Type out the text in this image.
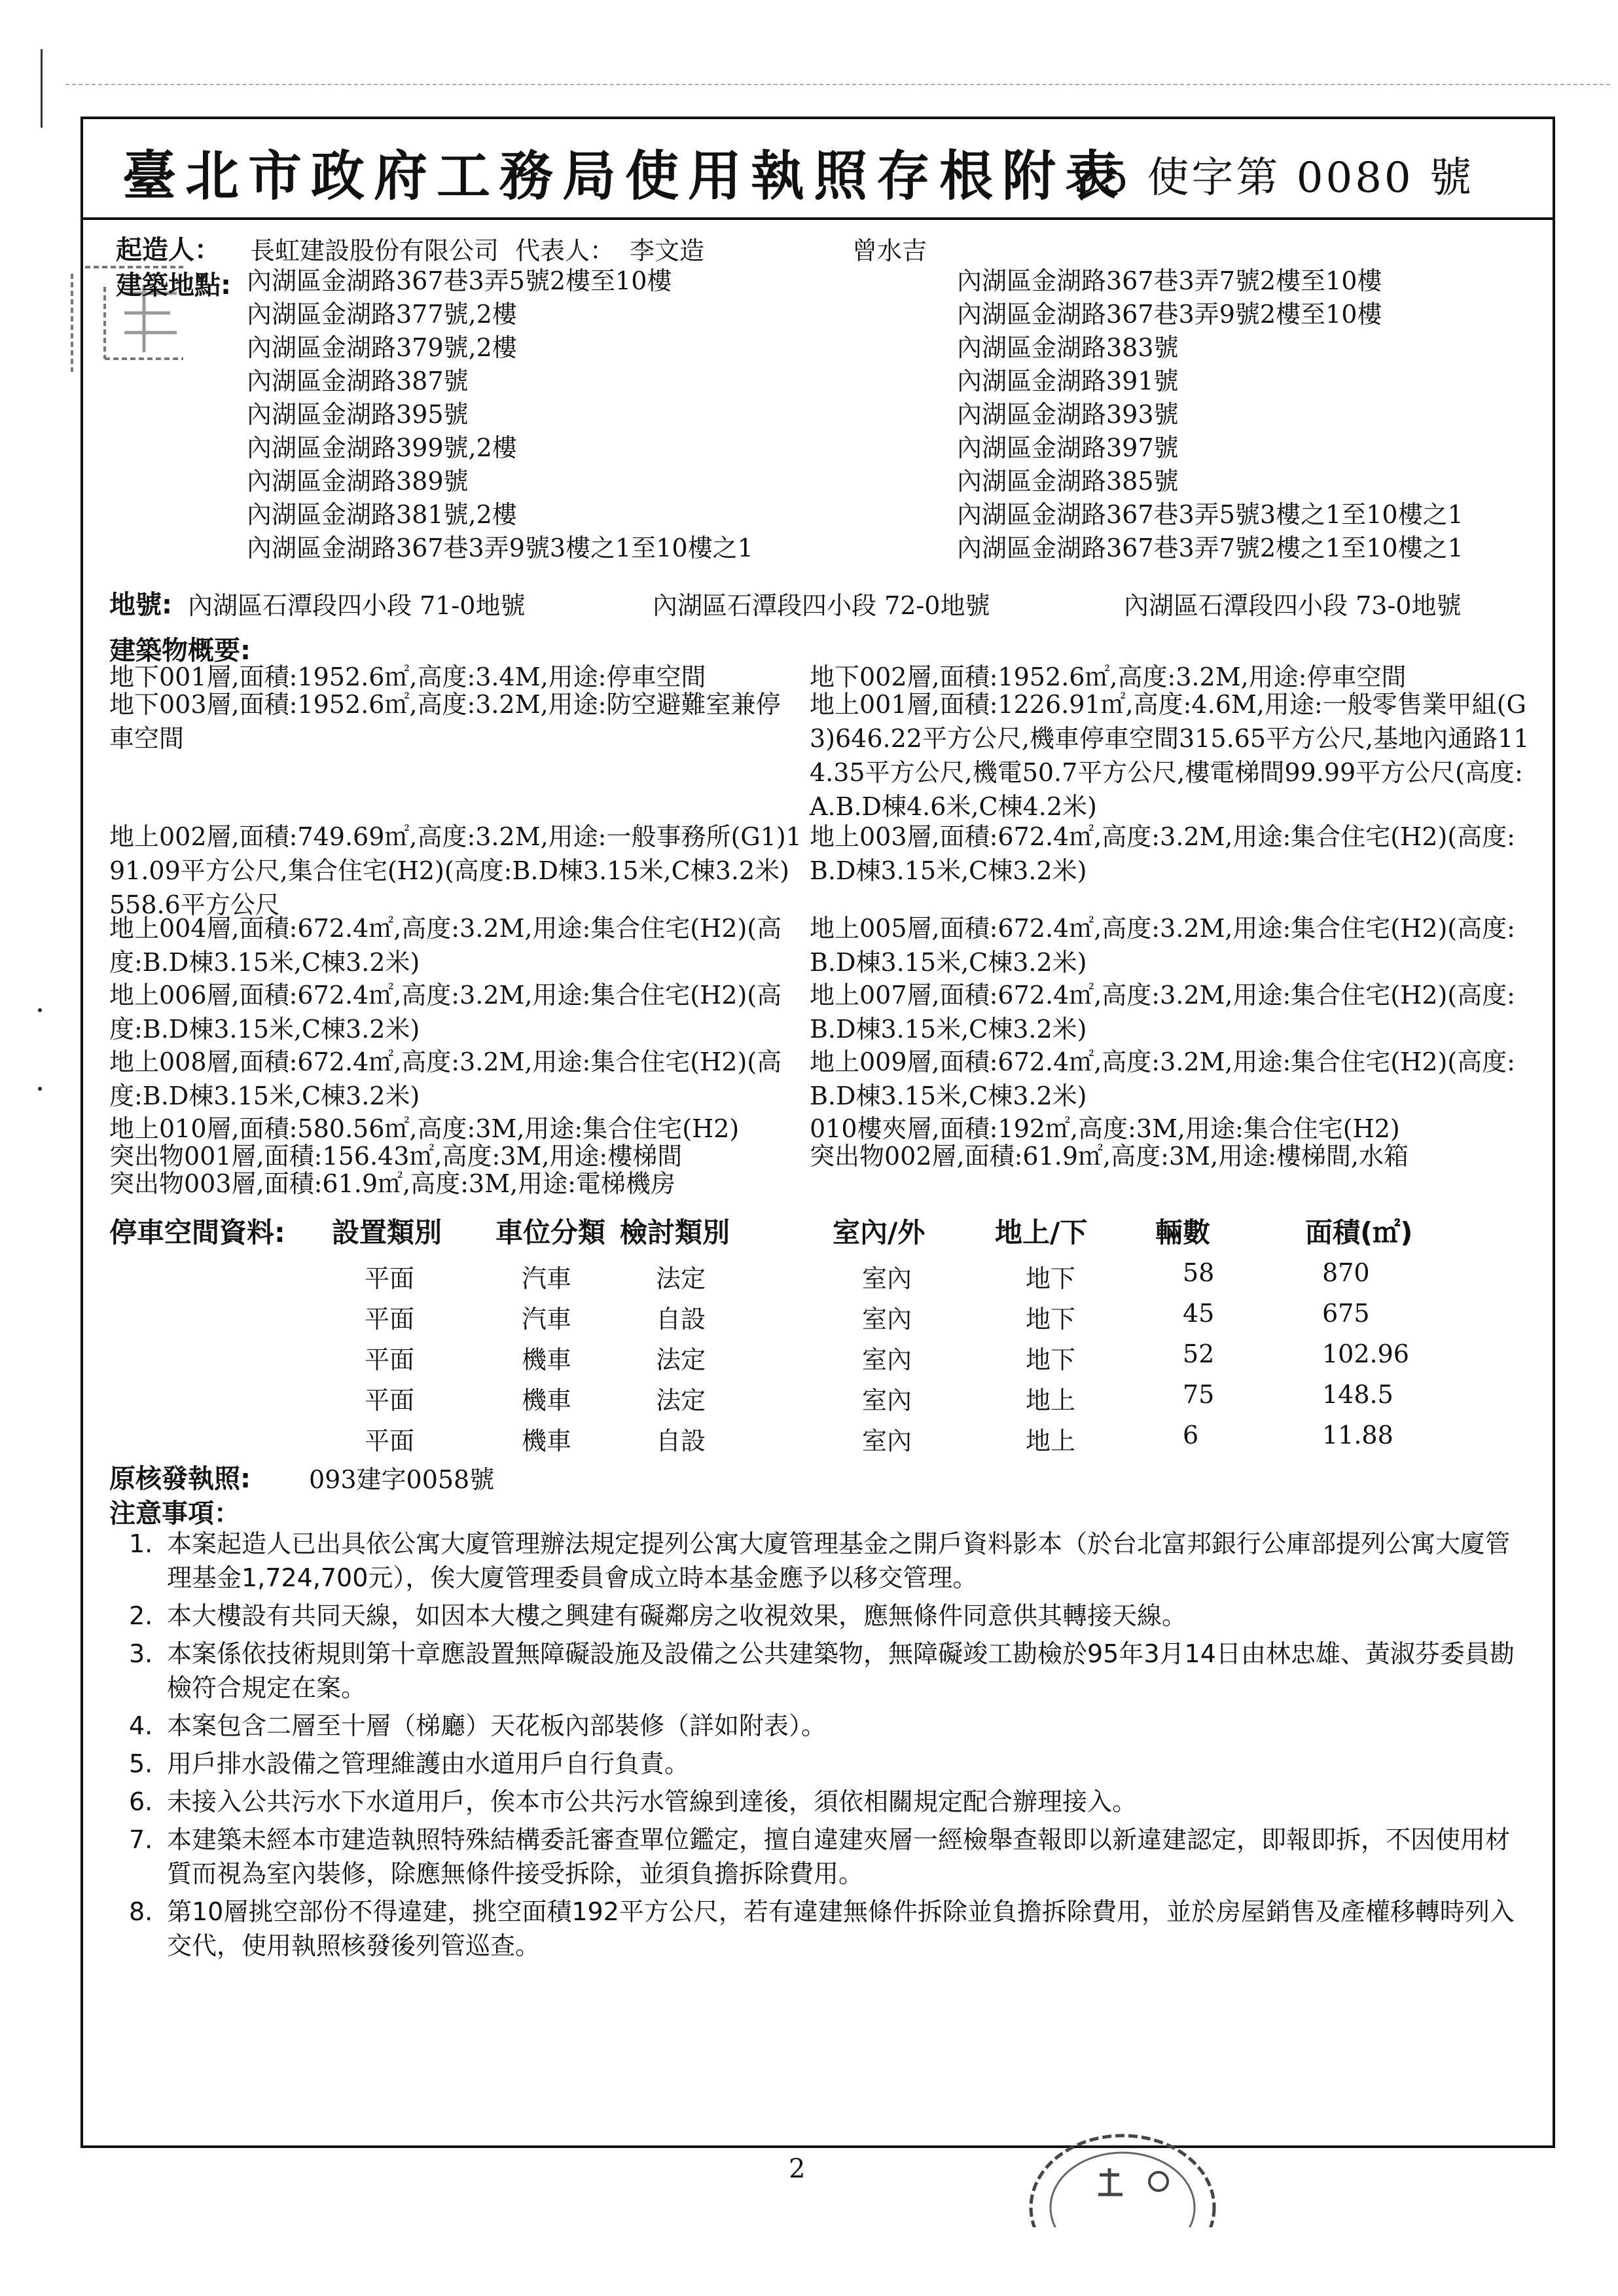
臺北市政府工務局使用執照存根附表
95 使字第 0080 號
起造人： 長虹建設股份有限公司 代表人： 李文造	曾水吉
建築地點: 內湖區金湖路367巷3弄5號2樓至10樓
內湖區金湖路377號,2樓
內湖區金湖路379號,2樓
內湖區金湖路387號
內湖區金湖路395號
內湖區金湖路399號,2樓
內湖區金湖路389號
內湖區金湖路381號,2樓
內湖區金湖路367巷3弄9號3樓之1至10樓之1
內湖區金湖路367巷3弄7號2樓至10樓
內湖區金湖路367巷3弄9號2樓至10樓
內湖區金湖路383號
內湖區金湖路391號
內湖區金湖路393號
內湖區金湖路397號
內湖區金湖路385號
內湖區金湖路367巷3弄5號3樓之1至10樓之1
內湖區金湖路367巷3弄7號2樓之1至10樓之1
地號: 內湖區石潭段四小段 71-0地號	內湖區石潭段四小段 72-0地號	內湖區石潭段四小段 73-0地號
建築物概要:
地下001層,面積:1952.6㎡,高度:3.4M,用途:停車空間	地下002層,面積:1952.6㎡,高度:3.2M,用途:停車空間
地下003層,面積:1952.6㎡,高度:3.2M,用途:防空避難室兼停車空間
地上001層,面積:1226.91㎡,高度:4.6M,用途:一般零售業甲組(G3)646.22平方公尺,機車停車空間315.65平方公尺,基地內通路114.35平方公尺,機電50.7平方公尺,樓電梯間99.99平方公尺(高度:A.B.D棟4.6米,C棟4.2米)
地上002層,面積:749.69㎡,高度:3.2M,用途:一般事務所(G1)191.09平方公尺,集合住宅(H2)(高度:B.D棟3.15米,C棟3.2米)558.6平方公尺
地上003層,面積:672.4㎡,高度:3.2M,用途:集合住宅(H2)(高度:B.D棟3.15米,C棟3.2米)
地上004層,面積:672.4㎡,高度:3.2M,用途:集合住宅(H2)(高度:B.D棟3.15米,C棟3.2米)
地上005層,面積:672.4㎡,高度:3.2M,用途:集合住宅(H2)(高度:B.D棟3.15米,C棟3.2米)
地上006層,面積:672.4㎡,高度:3.2M,用途:集合住宅(H2)(高度:B.D棟3.15米,C棟3.2米)
地上007層,面積:672.4㎡,高度:3.2M,用途:集合住宅(H2)(高度:B.D棟3.15米,C棟3.2米)
地上008層,面積:672.4㎡,高度:3.2M,用途:集合住宅(H2)(高度:B.D棟3.15米,C棟3.2米)
地上009層,面積:672.4㎡,高度:3.2M,用途:集合住宅(H2)(高度:B.D棟3.15米,C棟3.2米)
地上010層,面積:580.56㎡,高度:3M,用途:集合住宅(H2)	010樓夾層,面積:192㎡,高度:3M,用途:集合住宅(H2)
突出物001層,面積:156.43㎡,高度:3M,用途:樓梯間	突出物002層,面積:61.9㎡,高度:3M,用途:樓梯間,水箱
突出物003層,面積:61.9㎡,高度:3M,用途:電梯機房
停車空間資料: 設置類別 車位分類 檢討類別	室內/外	地上/下 輛數	面積(㎡)
平面	汽車	法定	室內	地下	58	870
平面	汽車	自設	室內	地下	45	675
平面	機車	法定	室內	地下	52	102.96
平面	機車	法定	室內	地上	75	148.5
平面	機車	自設	室內	地上	6	11.88
原核發執照: 093建字0058號
注意事項：
1. 本案起造人已出具依公寓大廈管理辦法規定提列公寓大廈管理基金之開戶資料影本（於台北富邦銀行公庫部提列公寓大廈管理基金1,724,700元），俟大廈管理委員會成立時本基金應予以移交管理。
2. 本大樓設有共同天線，如因本大樓之興建有礙鄰房之收視效果，應無條件同意供其轉接天線。
3. 本案係依技術規則第十章應設置無障礙設施及設備之公共建築物，無障礙竣工勘檢於95年3月14日由林忠雄、黃淑芬委員勘檢符合規定在案。
4. 本案包含二層至十層（梯廳）天花板內部裝修（詳如附表）。
5. 用戶排水設備之管理維護由水道用戶自行負責。
6. 未接入公共污水下水道用戶，俟本市公共污水管線到達後，須依相關規定配合辦理接入。
7. 本建築未經本市建造執照特殊結構委託審查單位鑑定，擅自違建夾層一經檢舉查報即以新違建認定，即報即拆，不因使用材質而視為室內裝修，除應無條件接受拆除，並須負擔拆除費用。
8. 第10層挑空部份不得違建，挑空面積192平方公尺，若有違建無條件拆除並負擔拆除費用，並於房屋銷售及產權移轉時列入交代，使用執照核發後列管巡查。
2
